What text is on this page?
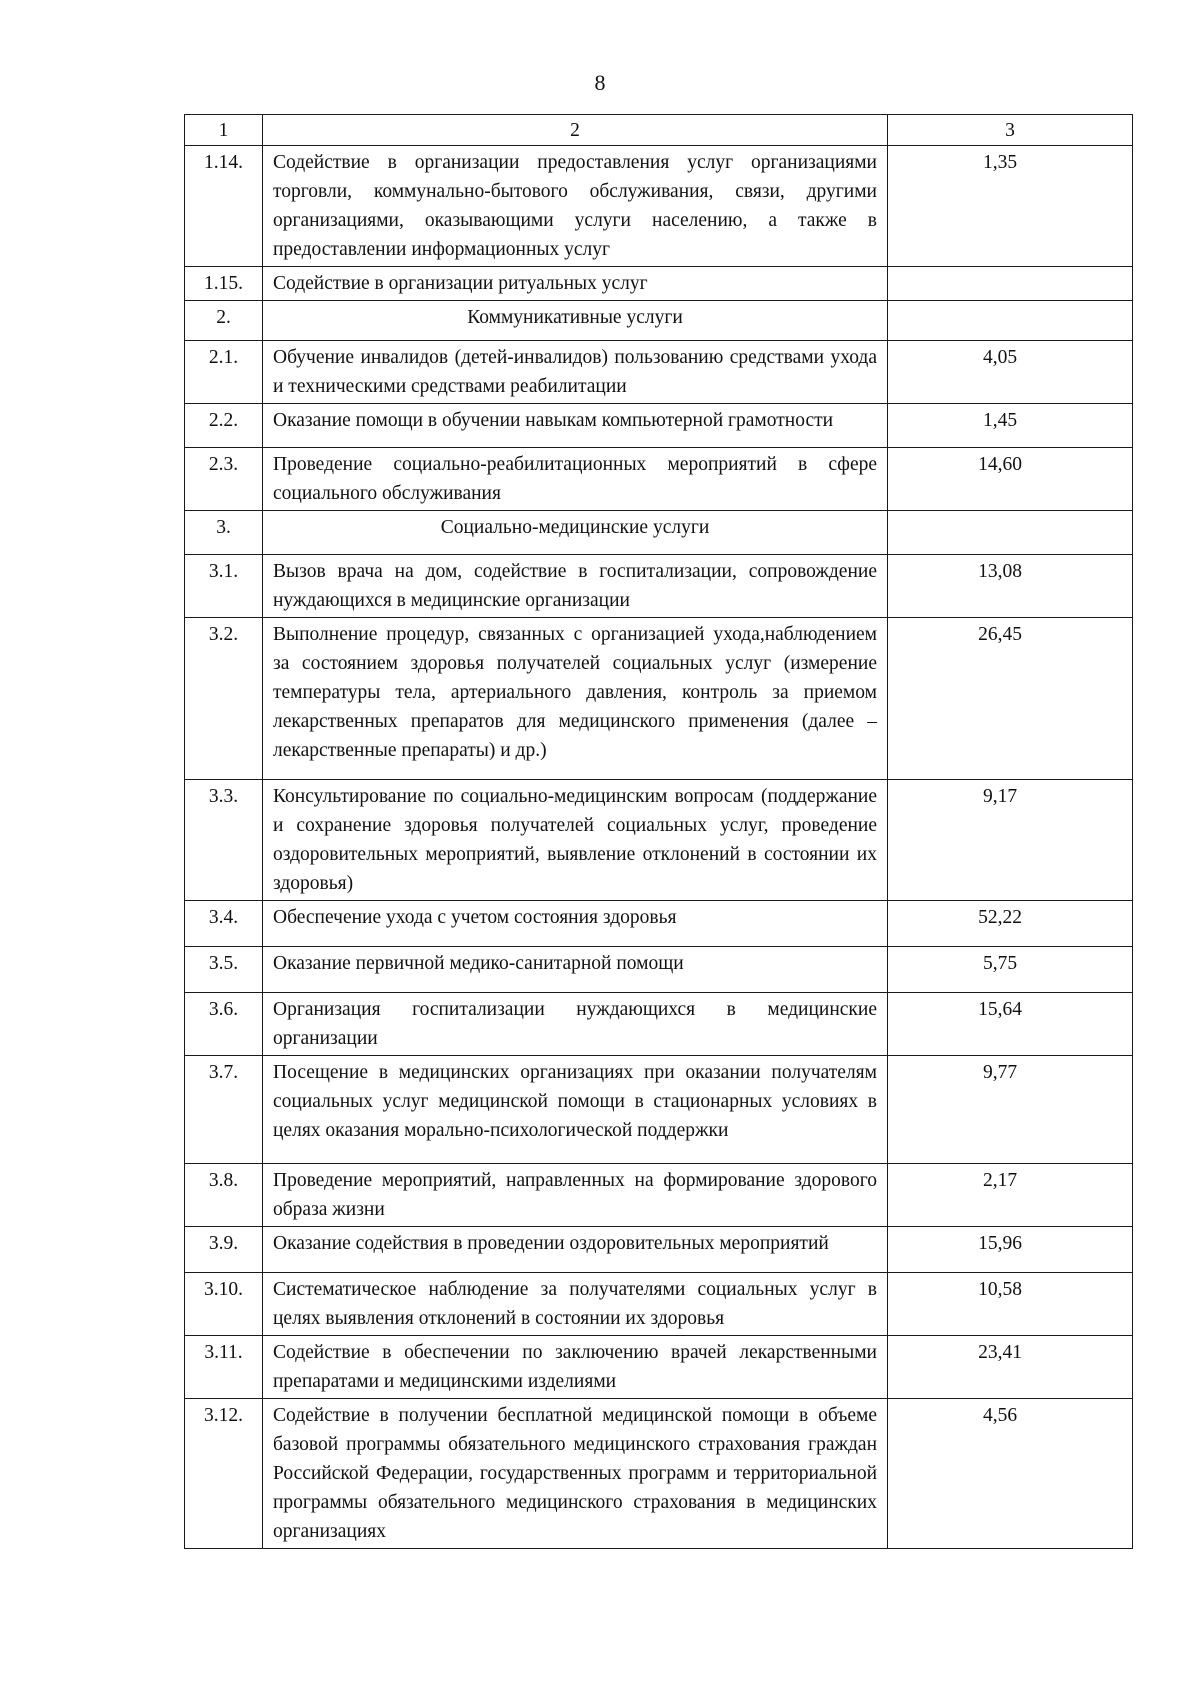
8
1	2	3
1.14.	Содействие в организации предоставления услуг организациями торговли, коммунально-бытового обслуживания, связи, другими организациями, оказывающими услуги населению, а также в предоставлении информационных услуг	1,35
1.15.	Содействие в организации ритуальных услуг	
2.	Коммуникативные услуги	
2.1.	Обучение инвалидов (детей-инвалидов) пользованию средствами ухода и техническими средствами реабилитации	4,05
2.2.	Оказание помощи в обучении навыкам компьютерной грамотности	1,45
2.3.	Проведение социально-реабилитационных мероприятий в сфере социального обслуживания	14,60
3.	Социально-медицинские услуги	
3.1.	Вызов врача на дом, содействие в госпитализации, сопровождение нуждающихся в медицинские организации	13,08
3.2.	Выполнение процедур, связанных с организацией ухода,наблюдением за состоянием здоровья получателей социальных услуг (измерение температуры тела, артериального давления, контроль за приемом лекарственных препаратов для медицинского применения (далее – лекарственные препараты) и др.)	26,45
3.3.	Консультирование по социально-медицинским вопросам (поддержание и сохранение здоровья получателей социальных услуг, проведение оздоровительных мероприятий, выявление отклонений в состоянии их здоровья)	9,17
3.4.	Обеспечение ухода с учетом состояния здоровья	52,22
3.5.	Оказание первичной медико-санитарной помощи	5,75
3.6.	Организация госпитализации нуждающихся в медицинские организации	15,64
3.7.	Посещение в медицинских организациях при оказании получателям социальных услуг медицинской помощи в стационарных условиях в целях оказания морально-психологической поддержки	9,77
3.8.	Проведение мероприятий, направленных на формирование здорового образа жизни	2,17
3.9.	Оказание содействия в проведении оздоровительных мероприятий	15,96
3.10.	Систематическое наблюдение за получателями социальных услуг в целях выявления отклонений в состоянии их здоровья	10,58
3.11.	Содействие в обеспечении по заключению врачей лекарственными препаратами и медицинскими изделиями	23,41
3.12.	Содействие в получении бесплатной медицинской помощи в объеме базовой программы обязательного медицинского страхования граждан Российской Федерации, государственных программ и территориальной программы обязательного медицинского страхования в медицинских организациях	4,56
